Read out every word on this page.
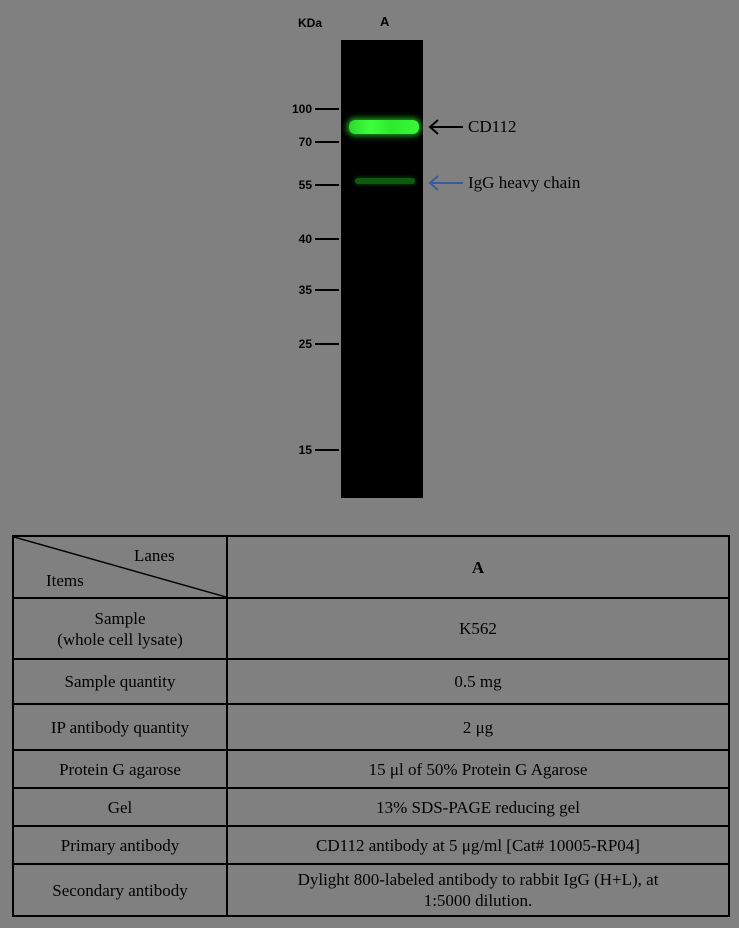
KDa	A
100
70
55
40
35
25
15
CD112
IgG heavy chain
Lanes
Items	A

Sample
(whole cell lysate)	K562
Sample quantity	0.5 mg
IP antibody quantity	2 μg
Protein G agarose	15 μl of 50% Protein G Agarose
Gel	13% SDS-PAGE reducing gel
Primary antibody	CD112 antibody at 5 μg/ml [Cat# 10005-RP04]
Secondary antibody	Dylight 800-labeled antibody to rabbit IgG (H+L), at
1:5000 dilution.
